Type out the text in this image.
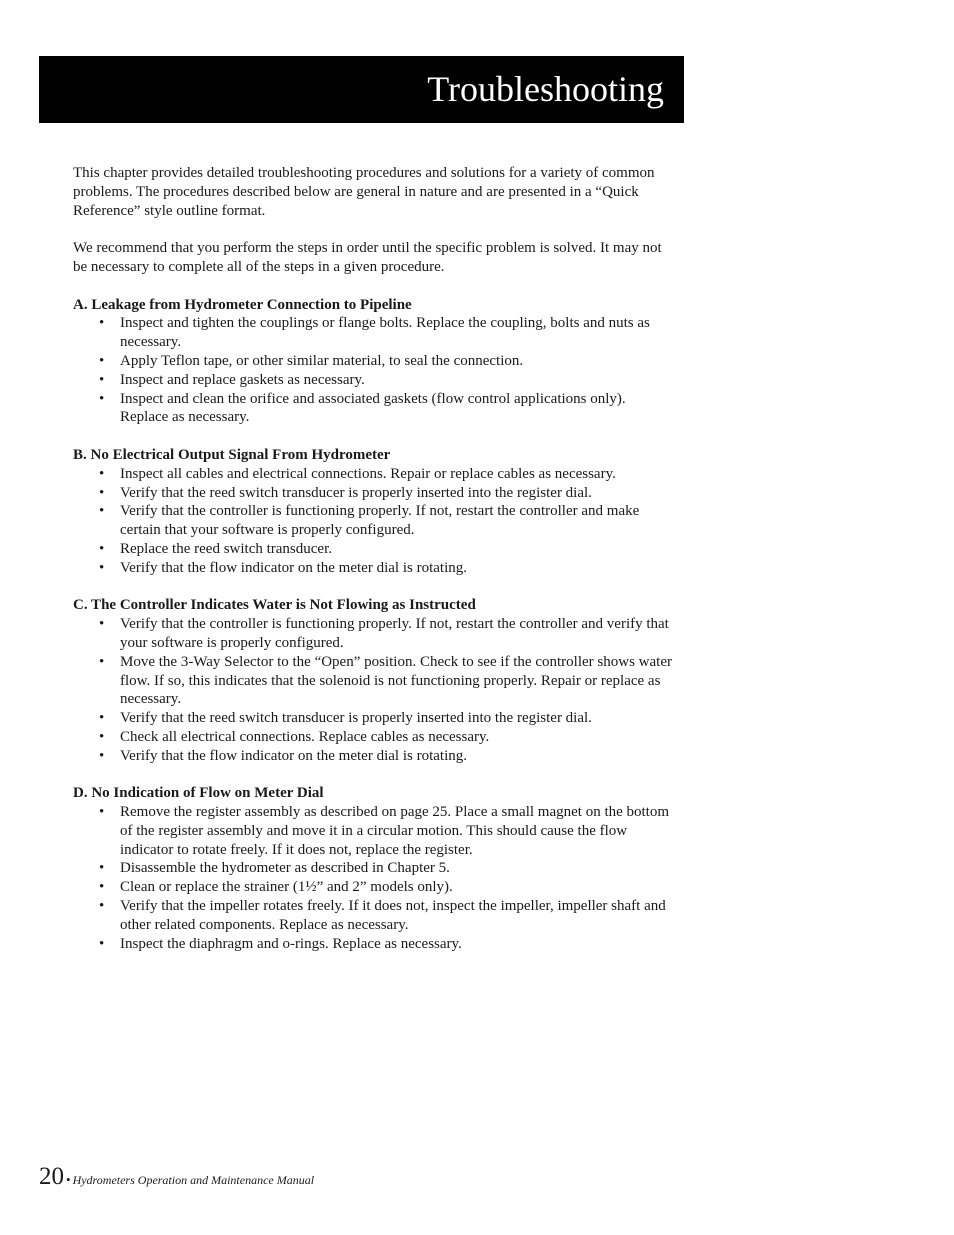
Troubleshooting

This chapter provides detailed troubleshooting procedures and solutions for a variety of common problems. The procedures described below are general in nature and are presented in a “Quick Reference” style outline format.

We recommend that you perform the steps in order until the specific problem is solved. It may not be necessary to complete all of the steps in a given procedure.

A. Leakage from Hydrometer Connection to Pipeline

• Inspect and tighten the couplings or flange bolts. Replace the coupling, bolts and nuts as necessary.
• Apply Teflon tape, or other similar material, to seal the connection.
• Inspect and replace gaskets as necessary.
• Inspect and clean the orifice and associated gaskets (flow control applications only). Replace as necessary.

B. No Electrical Output Signal From Hydrometer

• Inspect all cables and electrical connections. Repair or replace cables as necessary.
• Verify that the reed switch transducer is properly inserted into the register dial.
• Verify that the controller is functioning properly. If not, restart the controller and make certain that your software is properly configured.
• Replace the reed switch transducer.
• Verify that the flow indicator on the meter dial is rotating.

C. The Controller Indicates Water is Not Flowing as Instructed

• Verify that the controller is functioning properly. If not, restart the controller and verify that your software is properly configured.
• Move the 3-Way Selector to the “Open” position. Check to see if the controller shows water flow. If so, this indicates that the solenoid is not functioning properly. Repair or replace as necessary.
• Verify that the reed switch transducer is properly inserted into the register dial.
• Check all electrical connections. Replace cables as necessary.
• Verify that the flow indicator on the meter dial is rotating.

D. No Indication of Flow on Meter Dial

• Remove the register assembly as described on page 25. Place a small magnet on the bottom of the register assembly and move it in a circular motion. This should cause the flow indicator to rotate freely. If it does not, replace the register.
• Disassemble the hydrometer as described in Chapter 5.
• Clean or replace the strainer (1½” and 2” models only).
• Verify that the impeller rotates freely. If it does not, inspect the impeller, impeller shaft and other related components. Replace as necessary.
• Inspect the diaphragm and o-rings. Replace as necessary.
20 • Hydrometers Operation and Maintenance Manual
